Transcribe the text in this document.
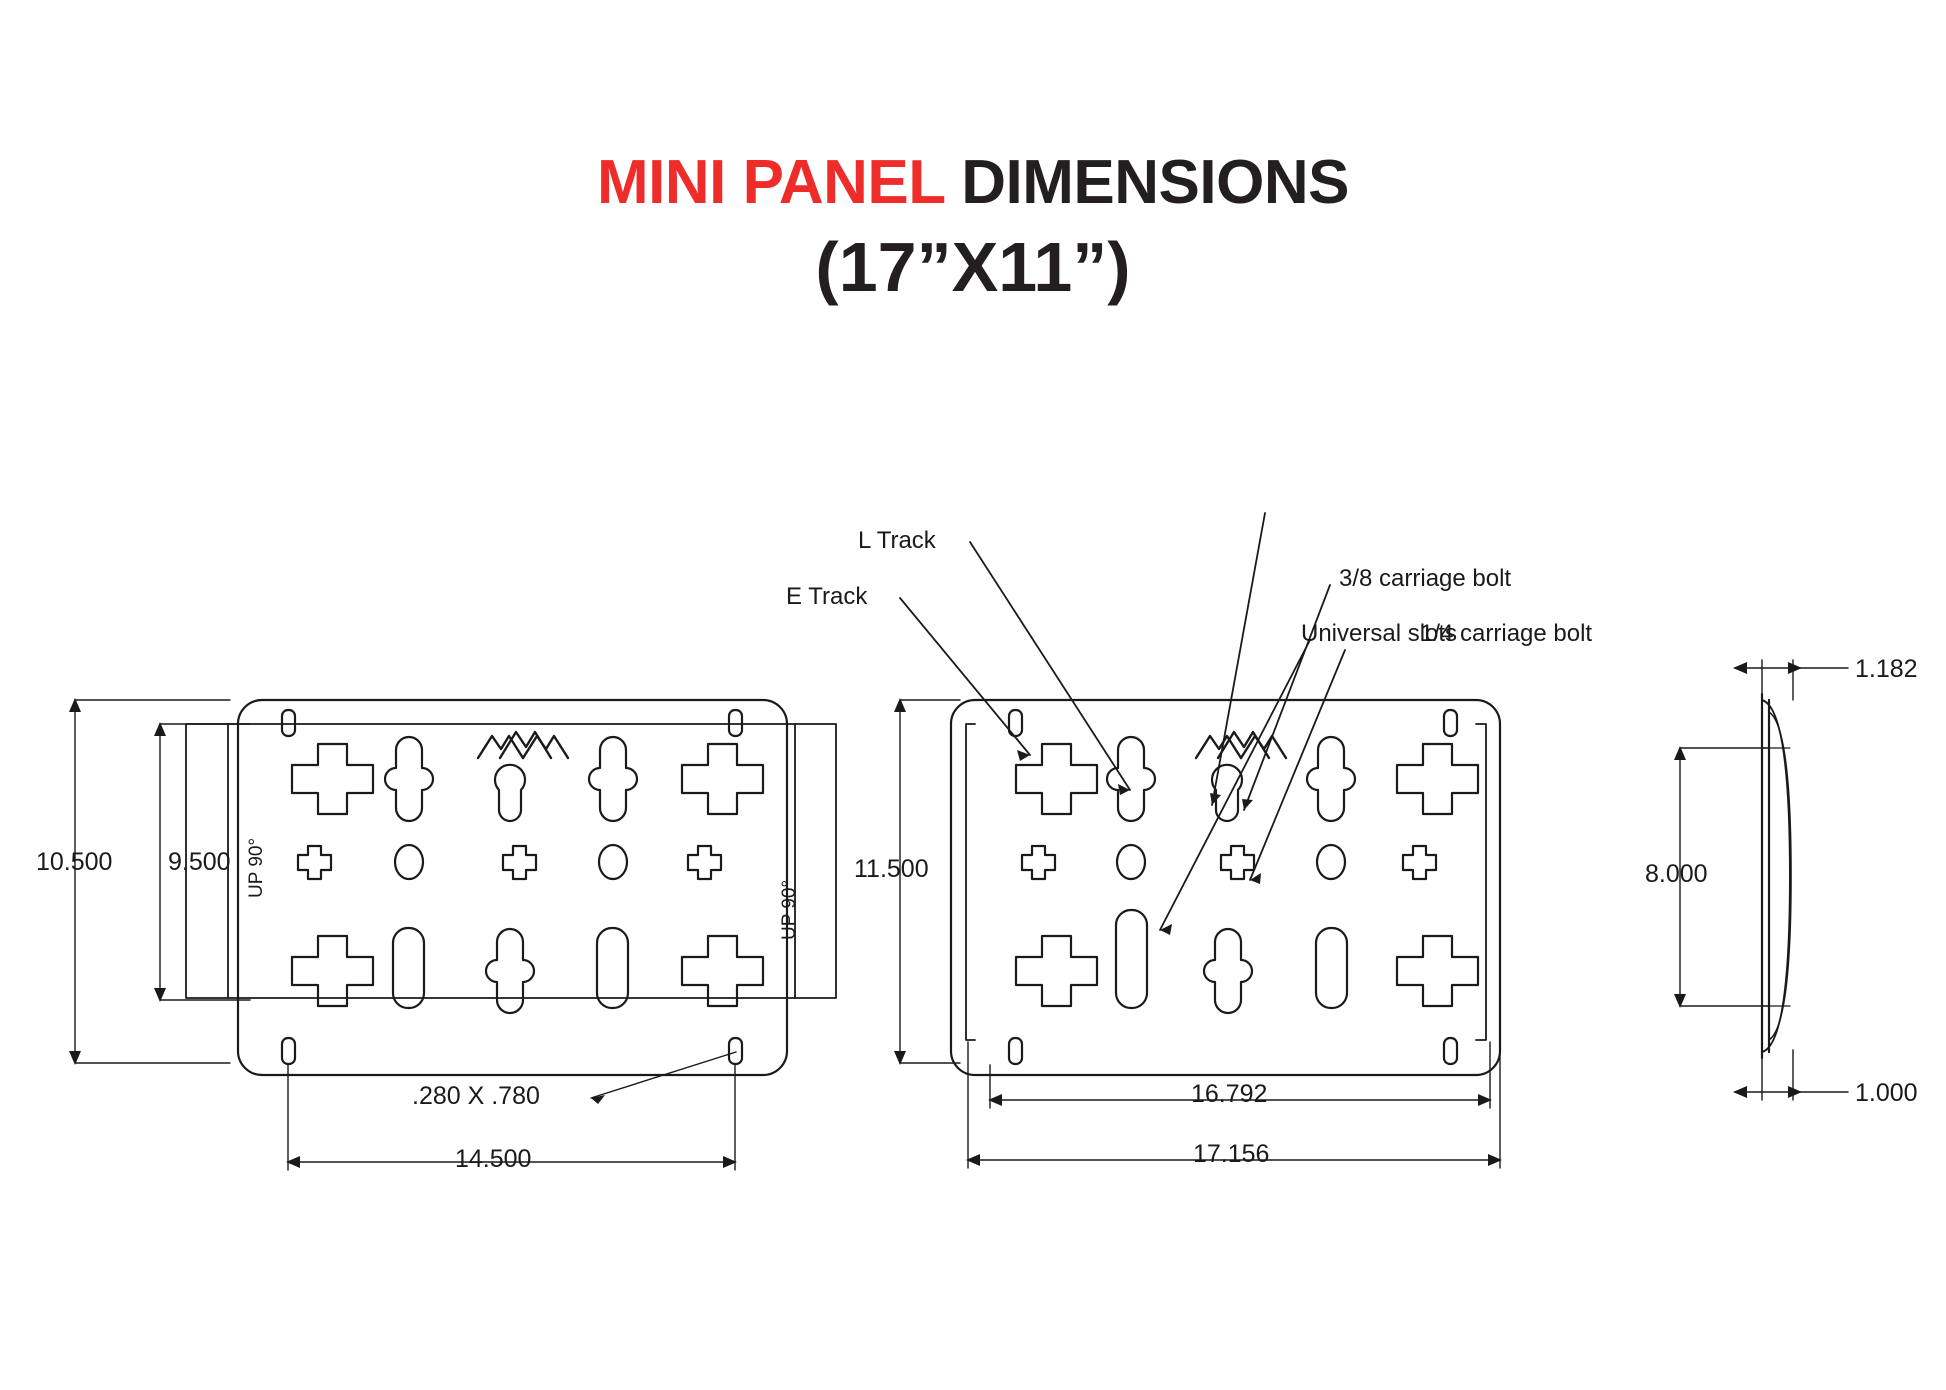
MINI PANEL DIMENSIONS
(17”X11”)
10.500 9.500
14.500
.280 X .780
UP 90°
UP 90°
11.500
16.792
17.156
L Track
E Track
3/8 carriage bolt
1/4 carriage bolt
Universal slots
1.182
8.000
1.000
